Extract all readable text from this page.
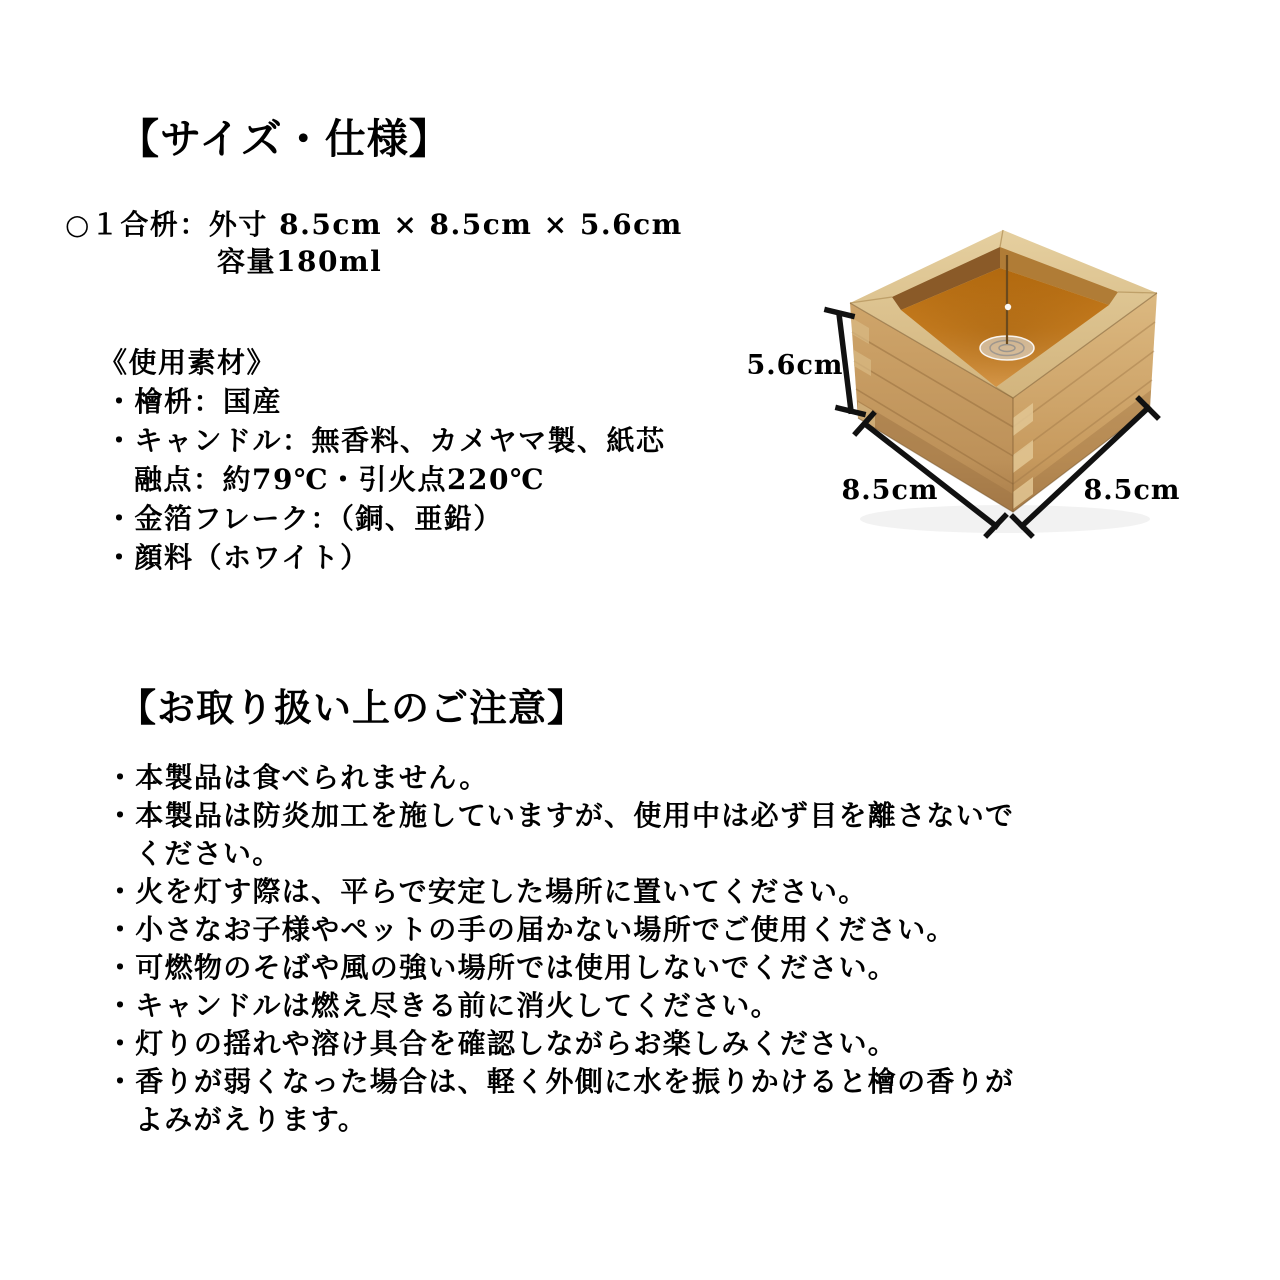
【サイズ・仕様】
○１合枡：外寸 8.5cm × 8.5cm × 5.6cm
容量180ml
5.6cm
8.5cm	8.5cm
《使用素材》
・檜枡：国産
・キャンドル：無香料、カメヤマ製、紙芯
融点：約79℃・引火点220℃
・金箔フレーク：（銅、亜鉛）
・顔料（ホワイト）
【お取り扱い上のご注意】
・本製品は食べられません。
・本製品は防炎加工を施していますが、使用中は必ず目を離さないで
ください。
・火を灯す際は、平らで安定した場所に置いてください。
・小さなお子様やペットの手の届かない場所でご使用ください。
・可燃物のそばや風の強い場所では使用しないでください。
・キャンドルは燃え尽きる前に消火してください。
・灯りの揺れや溶け具合を確認しながらお楽しみください。
・香りが弱くなった場合は、軽く外側に水を振りかけると檜の香りが
よみがえります。
